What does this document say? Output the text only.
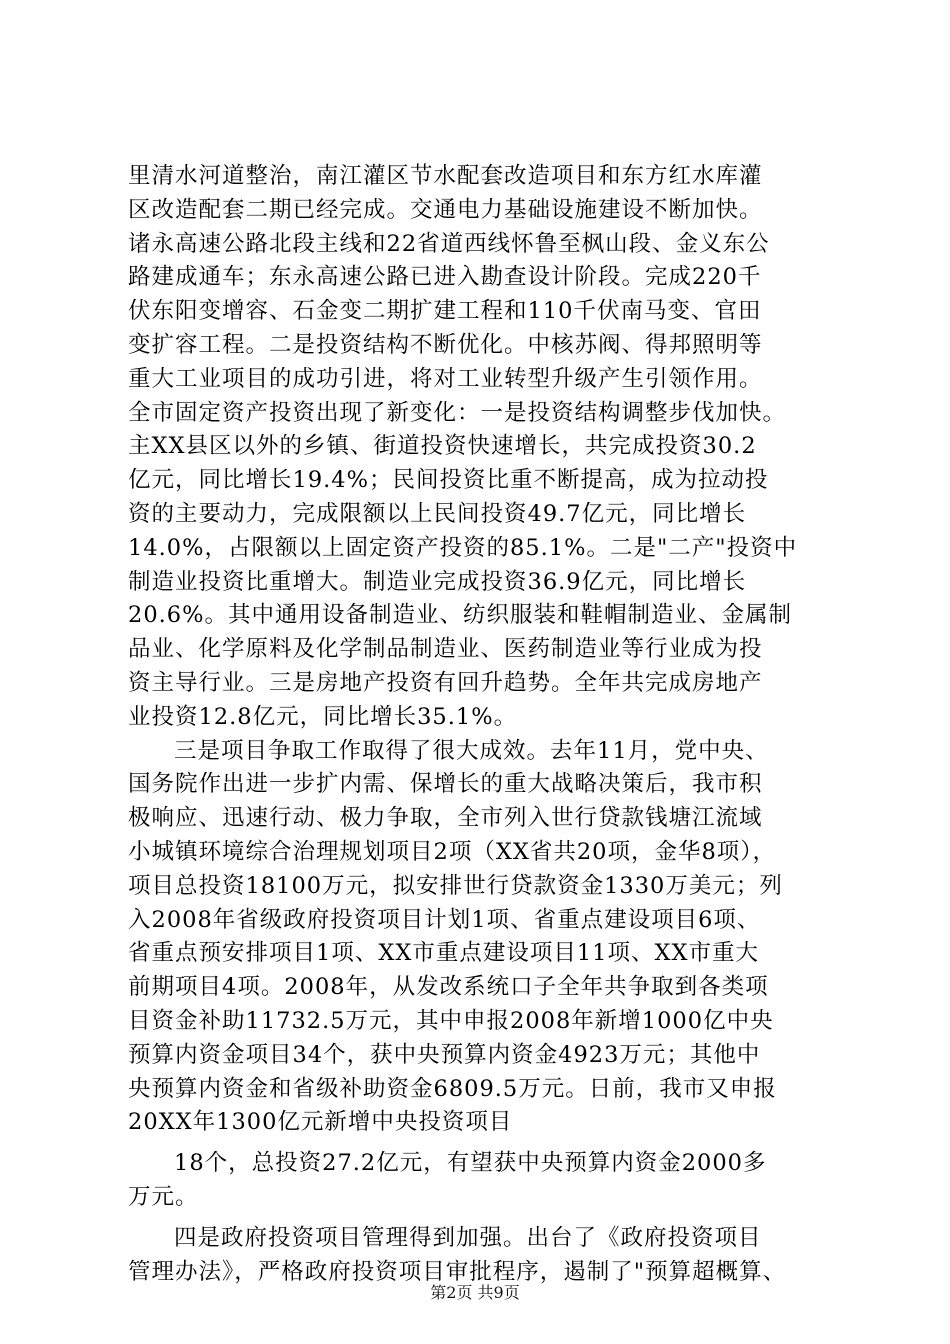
里清水河道整治，南江灌区节水配套改造项目和东方红水库灌
区改造配套二期已经完成。交通电力基础设施建设不断加快。
诸永高速公路北段主线和22省道西线怀鲁至枫山段、金义东公
路建成通车；东永高速公路已进入勘查设计阶段。完成220千
伏东阳变增容、石金变二期扩建工程和110千伏南马变、官田
变扩容工程。二是投资结构不断优化。中核苏阀、得邦照明等
重大工业项目的成功引进，将对工业转型升级产生引领作用。
全市固定资产投资出现了新变化：一是投资结构调整步伐加快。
主XX县区以外的乡镇、街道投资快速增长，共完成投资30.2
亿元，同比增长19.4%；民间投资比重不断提高，成为拉动投
资的主要动力，完成限额以上民间投资49.7亿元，同比增长
14.0%，占限额以上固定资产投资的85.1%。二是"二产"投资中
制造业投资比重增大。制造业完成投资36.9亿元，同比增长
20.6%。其中通用设备制造业、纺织服装和鞋帽制造业、金属制
品业、化学原料及化学制品制造业、医药制造业等行业成为投
资主导行业。三是房地产投资有回升趋势。全年共完成房地产
业投资12.8亿元，同比增长35.1%。
三是项目争取工作取得了很大成效。去年11月，党中央、
国务院作出进一步扩内需、保增长的重大战略决策后，我市积
极响应、迅速行动、极力争取，全市列入世行贷款钱塘江流域
小城镇环境综合治理规划项目2项（XX省共20项，金华8项），
项目总投资18100万元，拟安排世行贷款资金1330万美元；列
入2008年省级政府投资项目计划1项、省重点建设项目6项、
省重点预安排项目1项、XX市重点建设项目11项、XX市重大
前期项目4项。2008年，从发改系统口子全年共争取到各类项
目资金补助11732.5万元，其中申报2008年新增1000亿中央
预算内资金项目34个，获中央预算内资金4923万元；其他中
央预算内资金和省级补助资金6809.5万元。日前，我市又申报
20XX年1300亿元新增中央投资项目
18个，总投资27.2亿元，有望获中央预算内资金2000多
万元。
四是政府投资项目管理得到加强。出台了《政府投资项目
管理办法》，严格政府投资项目审批程序，遏制了"预算超概算、
第2页 共9页
